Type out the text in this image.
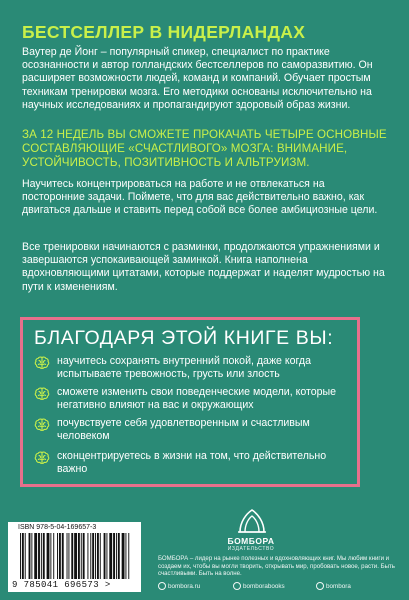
БЕСТСЕЛЛЕР В НИДЕРЛАНДАХ
Ваутер де Йонг – популярный спикер, специалист по практике осознанности и автор голландских бестселлеров по саморазвитию. Он расширяет возможности людей, команд и компаний. Обучает простым техникам тренировки мозга. Его методики основаны исключительно на научных исследованиях и пропагандируют здоровый образ жизни.
ЗА 12 НЕДЕЛЬ ВЫ СМОЖЕТЕ ПРОКАЧАТЬ ЧЕТЫРЕ ОСНОВНЫЕ СОСТАВЛЯЮЩИЕ «СЧАСТЛИВОГО» МОЗГА: ВНИМАНИЕ, УСТОЙЧИВОСТЬ, ПОЗИТИВНОСТЬ И АЛЬТРУИЗМ.
Научитесь концентрироваться на работе и не отвлекаться на посторонние задачи. Поймете, что для вас действительно важно, как двигаться дальше и ставить перед собой все более амбициозные цели.
Все тренировки начинаются с разминки, продолжаются упражнениями и завершаются успокаивающей заминкой. Книга наполнена вдохновляющими цитатами, которые поддержат и наделят мудростью на пути к изменениям.
БЛАГОДАРЯ ЭТОЙ КНИГЕ ВЫ:
научитесь сохранять внутренний покой, даже когда испытываете тревожность, грусть или злость
сможете изменить свои поведенческие модели, которые негативно влияют на вас и окружающих
почувствуете себя удовлетворенным и счастливым человеком
сконцентрируетесь в жизни на том, что действительно важно
ISBN 978-5-04-169657-3
9 785041 696573 >
БОМБОРА
ИЗДАТЕЛЬСТВО
БОМБОРА – лидер на рынке полезных и вдохновляющих книг. Мы любим книги и создаем их, чтобы вы могли творить, открывать мир, пробовать новое, расти. Быть счастливыми. Быть на волне.
bombora.ru	bomborabooks	bombora
